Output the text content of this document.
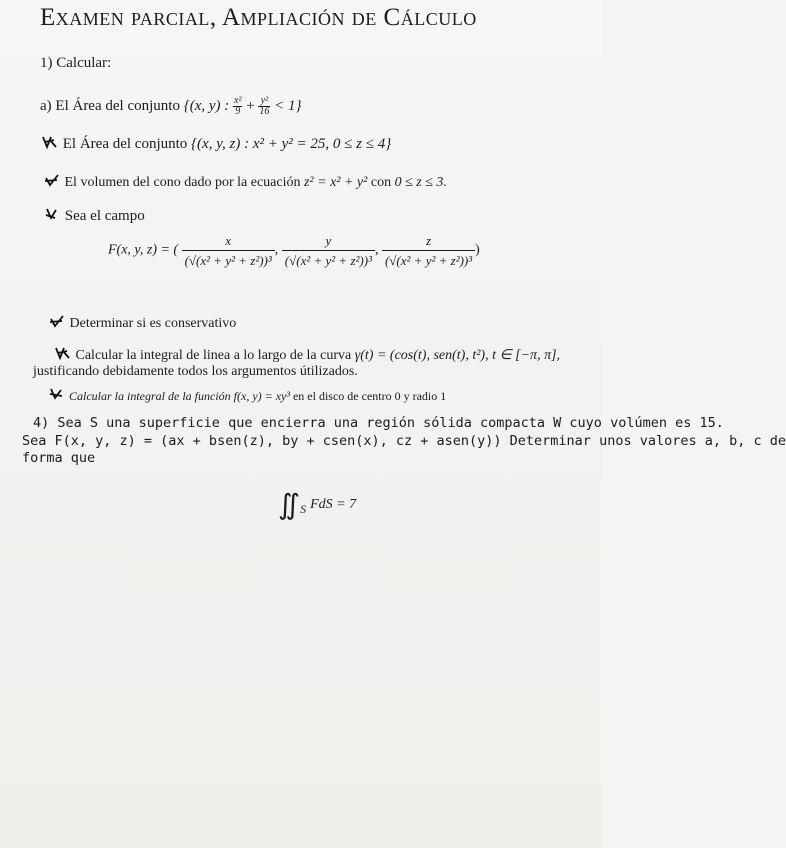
Examen parcial, Ampliación de Cálculo
1) Calcular:
a) El Área del conjunto {(x, y) : $\frac{\text{x²}}{9} + \frac{\text{y²}}{16} < 1$}
El Área del conjunto {(x, y, z) : x² + y² = 25, 0 ≤ z ≤ 4}
El volumen del cono dado por la ecuación z² = x² + y² con 0 ≤ z ≤ 3.
Sea el campo
F(x, y, z) = ( $\frac{x}{\text{(√(x² + y² + z²))³}}$ , $\frac{y}{\text{(√(x² + y² + z²))³}}$ , $\frac{z}{\text{(√(x² + y² + z²))³}}$ )
Determinar si es conservativo
Calcular la integral de linea a lo largo de la curva γ(t) = (cos(t), sen(t), t²), t ∈ [−π, π],
justificando debidamente todos los argumentos útilizados.
Calcular la integral de la función f(x, y) = xy³ en el disco de centro 0 y radio 1
4) Sea S una superficie que encierra una región sólida compacta W cuyo volúmen es 15.
Sea F(x, y, z) = (ax + bsen(z), by + csen(x), cz + asen(y)) Determinar unos valores a, b, c de
forma que
$∬_S$ FdS = 7
